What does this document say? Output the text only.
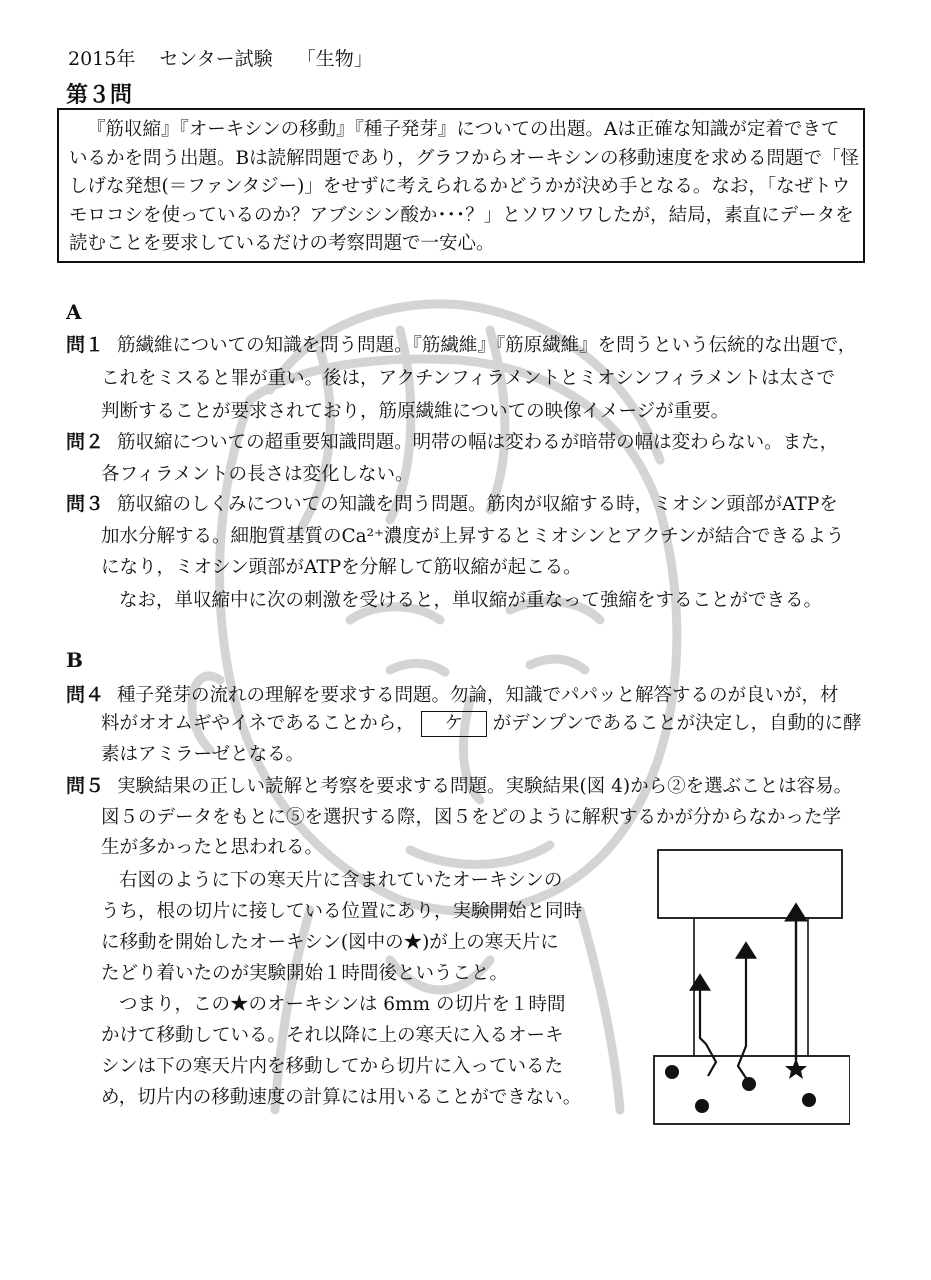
2015年 センター試験 「生物」
第３問
『筋収縮』『オーキシンの移動』『種子発芽』についての出題。Aは正確な知識が定着できて
いるかを問う出題。Bは読解問題であり，グラフからオーキシンの移動速度を求める問題で「怪
しげな発想(＝ファンタジー)」をせずに考えられるかどうかが決め手となる。なお，「なぜトウ
モロコシを使っているのか？アブシシン酸か･･･？」とソワソワしたが，結局，素直にデータを
読むことを要求しているだけの考察問題で一安心。
A
問１ 筋繊維についての知識を問う問題。『筋繊維』『筋原繊維』を問うという伝統的な出題で，
これをミスると罪が重い。後は，アクチンフィラメントとミオシンフィラメントは太さで
判断することが要求されており，筋原繊維についての映像イメージが重要。
問２ 筋収縮についての超重要知識問題。明帯の幅は変わるが暗帯の幅は変わらない。また，
各フィラメントの長さは変化しない。
問３ 筋収縮のしくみについての知識を問う問題。筋肉が収縮する時，ミオシン頭部がATPを
加水分解する。細胞質基質のCa²⁺濃度が上昇するとミオシンとアクチンが結合できるよう
になり，ミオシン頭部がATPを分解して筋収縮が起こる。
なお，単収縮中に次の刺激を受けると，単収縮が重なって強縮をすることができる。
B
問４ 種子発芽の流れの理解を要求する問題。勿論，知識でパパッと解答するのが良いが，材
料がオオムギやイネであることから， ケ がデンプンであることが決定し，自動的に酵
素はアミラーゼとなる。
問５ 実験結果の正しい読解と考察を要求する問題。実験結果(図 4)から②を選ぶことは容易。
図５のデータをもとに⑤を選択する際，図５をどのように解釈するかが分からなかった学
生が多かったと思われる。
右図のように下の寒天片に含まれていたオーキシンの
うち，根の切片に接している位置にあり，実験開始と同時
に移動を開始したオーキシン(図中の★)が上の寒天片に
たどり着いたのが実験開始１時間後ということ。
つまり，この★のオーキシンは 6mm の切片を１時間
かけて移動している。それ以降に上の寒天に入るオーキ
シンは下の寒天片内を移動してから切片に入っているた
め，切片内の移動速度の計算には用いることができない。
